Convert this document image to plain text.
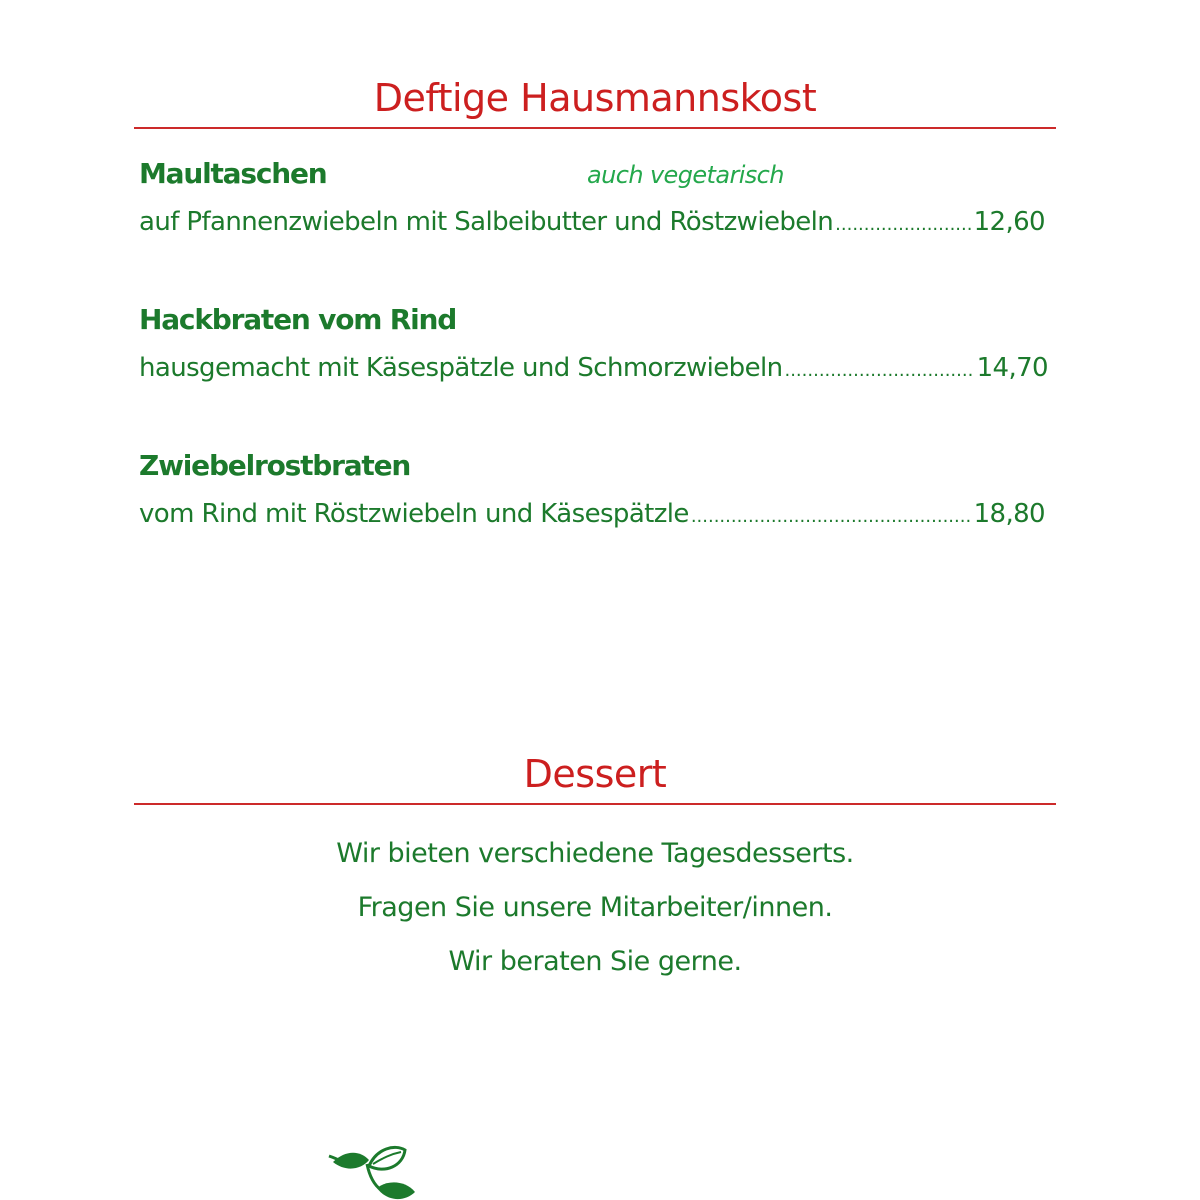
Deftige Hausmannskost
Maultaschen	auch vegetarisch
auf Pfannenzwiebeln mit Salbeibutter und Röstzwiebeln .....	12,60
Hackbraten vom Rind
hausgemacht mit Käsespätzle und Schmorzwiebeln .....	14,70
Zwiebelrostbraten
vom Rind mit Röstzwiebeln und Käsespätzle .....	18,80
Dessert

Wir bieten verschiedene Tagesdesserts.

Fragen Sie unsere Mitarbeiter/innen.

Wir beraten Sie gerne.
